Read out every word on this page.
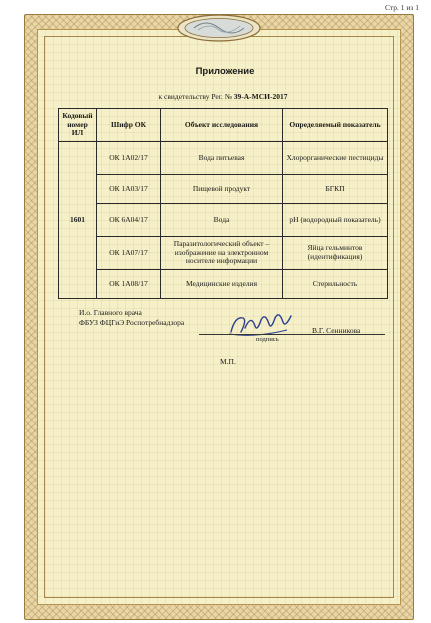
Стр. 1 из 1
Приложение
к свидетельству Рег. № 39-А-МСИ-2017
Кодовый номер ИЛ	Шифр ОК	Объект исследования	Определяемый показатель
1601	ОК 1А02/17	Вода питьевая	Хлорорганические пестициды
	ОК 1А03/17	Пищевой продукт	БГКП
	ОК 6А04/17	Вода	рН (водородный показатель)
	ОК 1А07/17	Паразитологический объект – изображение на электронном носителе информации	Яйца гельминтов (идентификация)
	ОК 1А08/17	Медицинские изделия	Стерильность
И.о. Главного врача
ФБУЗ ФЦГиЭ Роспотребнадзора
В.Г. Сенникова
подпись
М.П.
